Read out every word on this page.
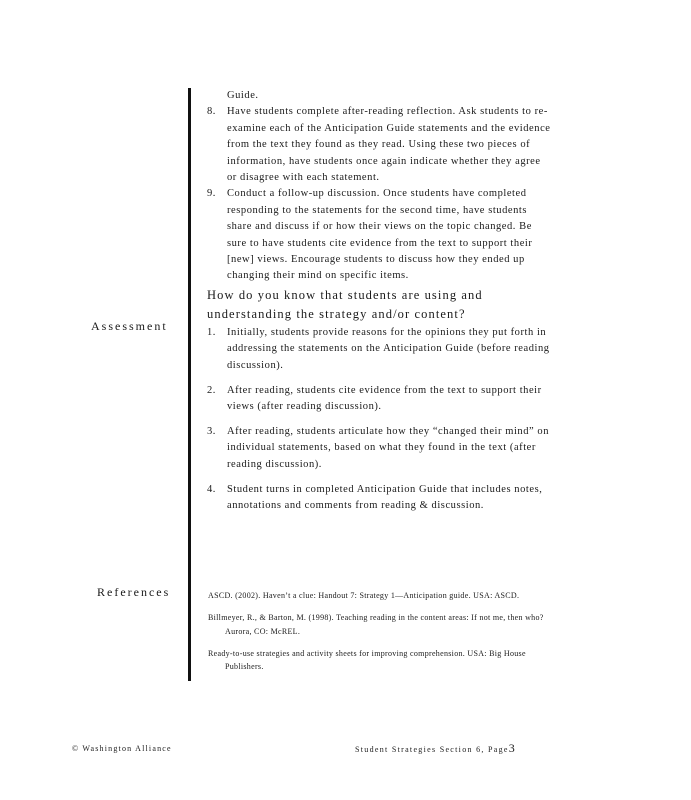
Assessment
References
Guide.
8. Have students complete after-reading reflection. Ask students to re-examine each of the Anticipation Guide statements and the evidence from the text they found as they read. Using these two pieces of information, have students once again indicate whether they agree or disagree with each statement.
9. Conduct a follow-up discussion. Once students have completed responding to the statements for the second time, have students share and discuss if or how their views on the topic changed. Be sure to have students cite evidence from the text to support their [new] views. Encourage students to discuss how they ended up changing their mind on specific items.
How do you know that students are using and understanding the strategy and/or content?
1. Initially, students provide reasons for the opinions they put forth in addressing the statements on the Anticipation Guide (before reading discussion).
2. After reading, students cite evidence from the text to support their views (after reading discussion).
3. After reading, students articulate how they “changed their mind” on individual statements, based on what they found in the text (after reading discussion).
4. Student turns in completed Anticipation Guide that includes notes, annotations and comments from reading & discussion.
ASCD. (2002). Haven’t a clue: Handout 7: Strategy 1—Anticipation guide. USA: ASCD.
Billmeyer, R., & Barton, M. (1998). Teaching reading in the content areas: If not me, then who? Aurora, CO: McREL.
Ready-to-use strategies and activity sheets for improving comprehension. USA: Big House Publishers.
© Washington Alliance	Student Strategies Section 6, Page3
